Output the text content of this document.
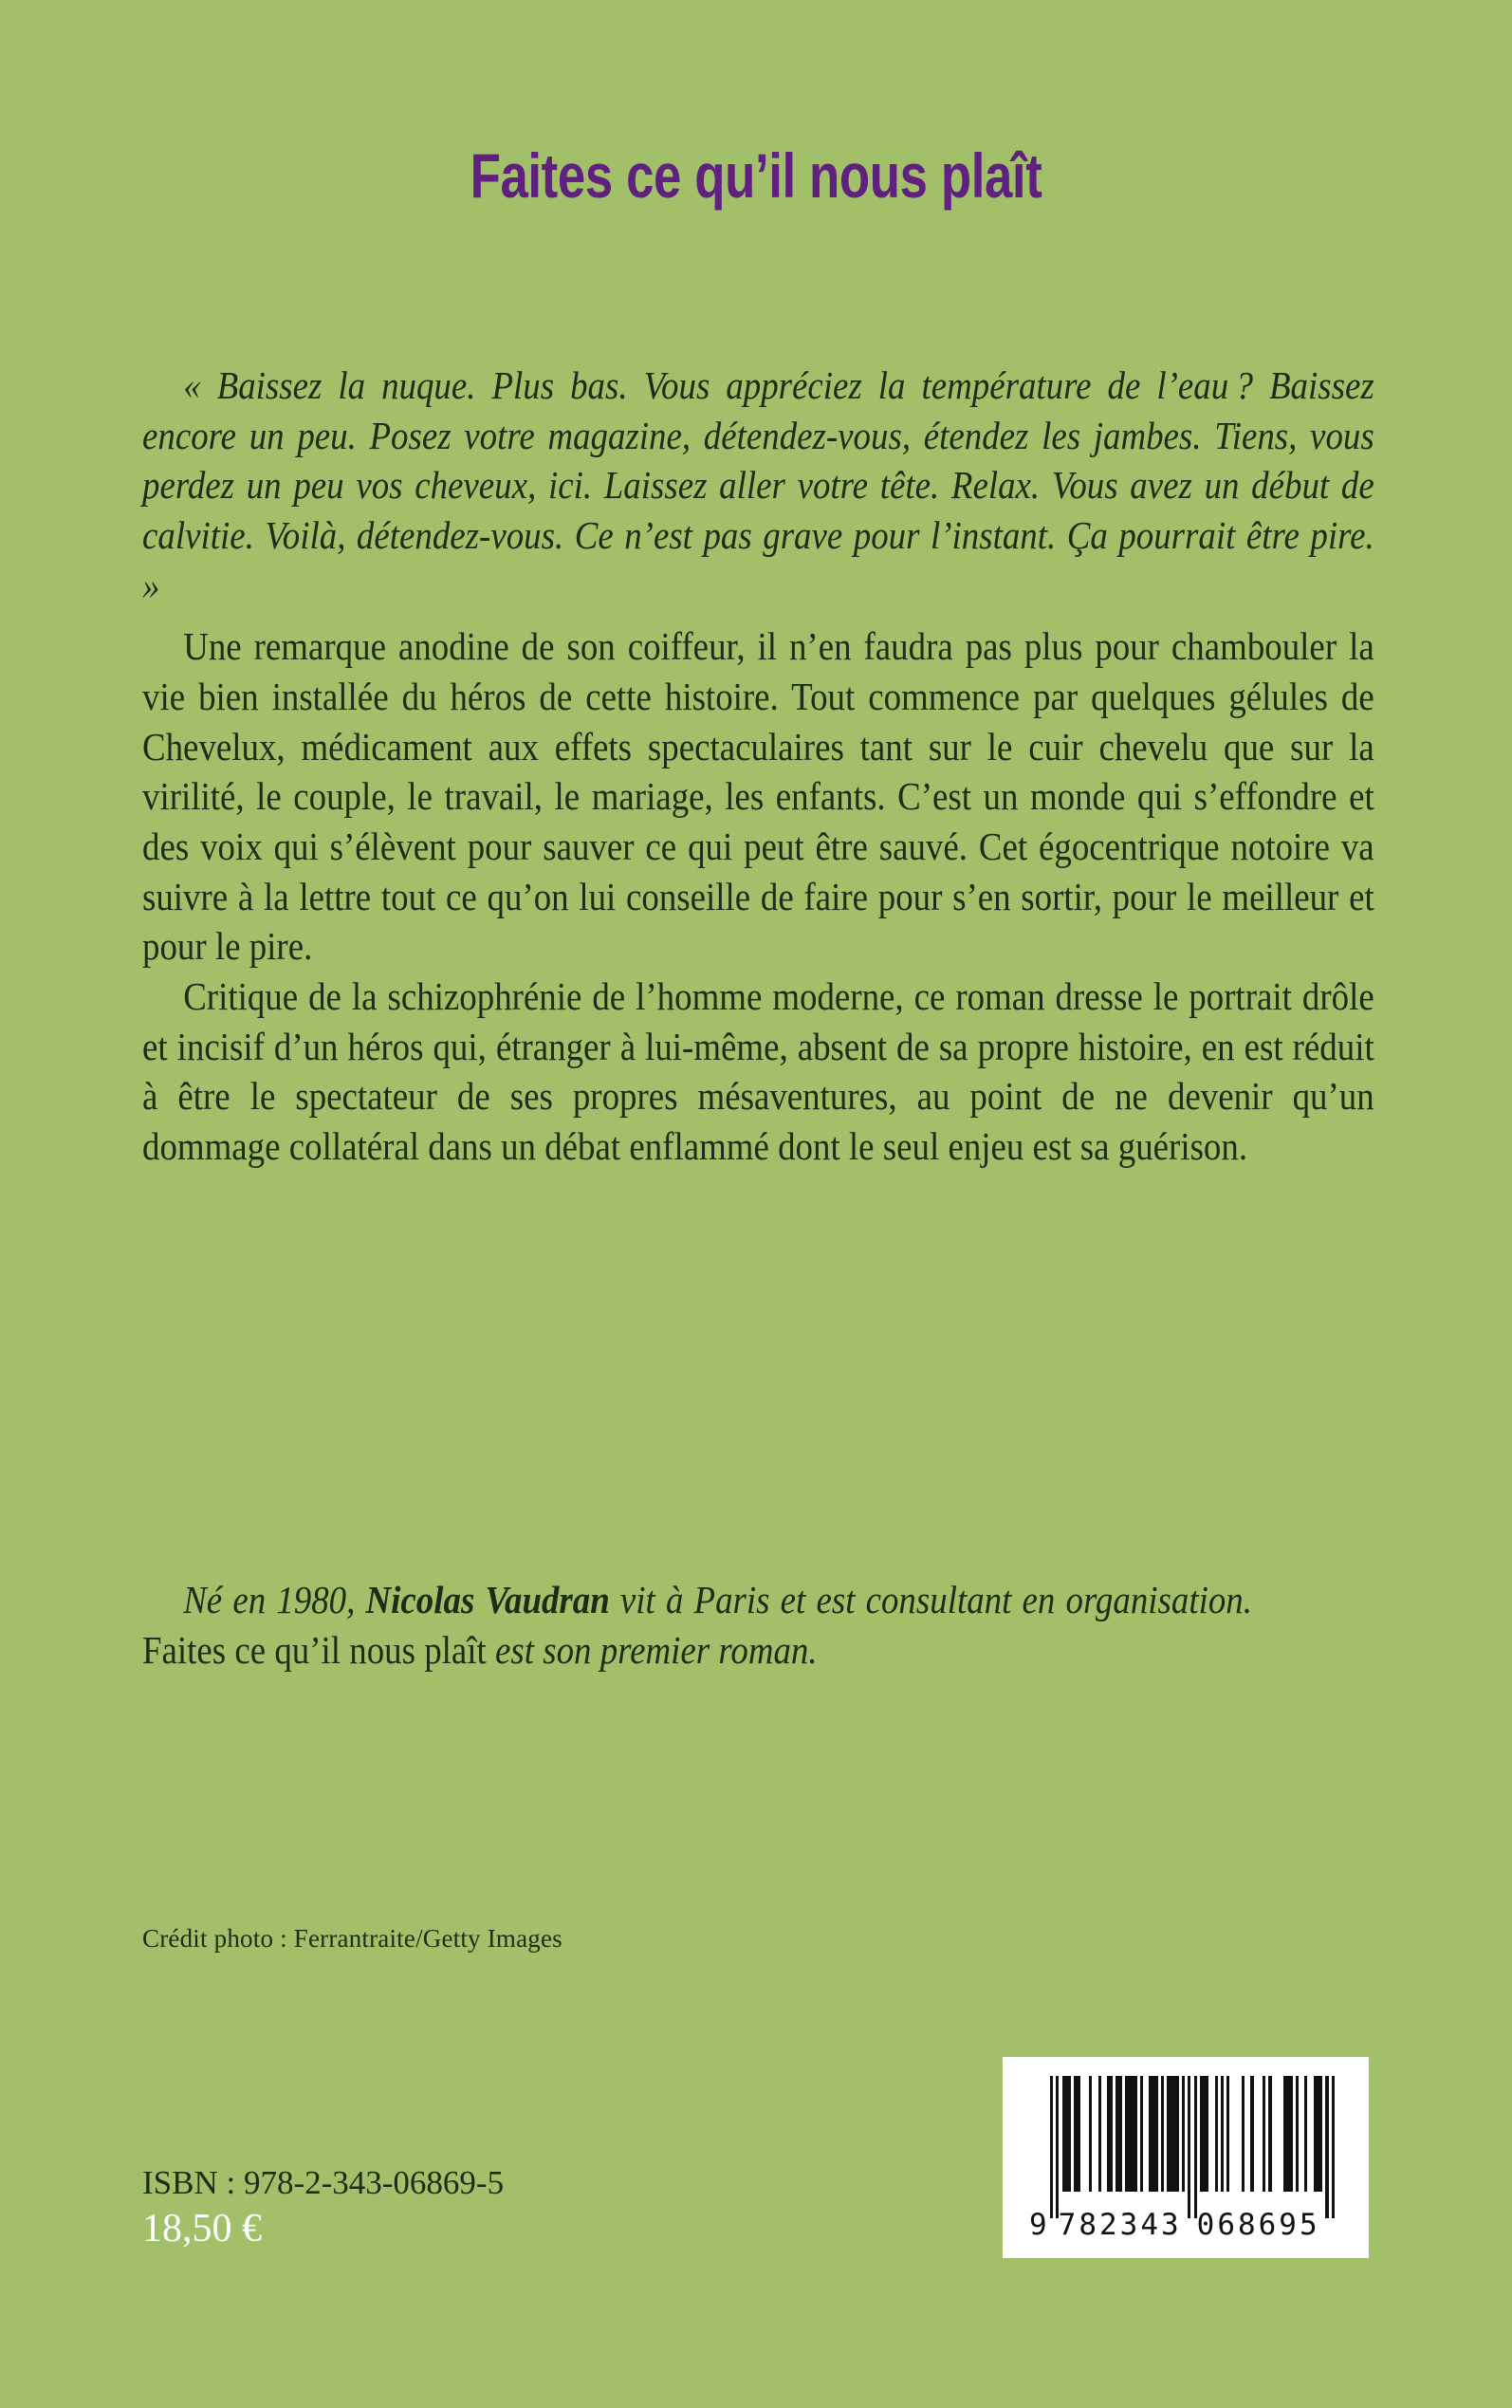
Faites ce qu’il nous plaît

« Baissez la nuque. Plus bas. Vous appréciez la température de l’eau ? Baissez encore un peu. Posez votre magazine, détendez-vous, étendez les jambes. Tiens, vous perdez un peu vos cheveux, ici. Laissez aller votre tête. Relax. Vous avez un début de calvitie. Voilà, détendez-vous. Ce n’est pas grave pour l’instant. Ça pourrait être pire. »

Une remarque anodine de son coiffeur, il n’en faudra pas plus pour chambouler la vie bien installée du héros de cette histoire. Tout commence par quelques gélules de Chevelux, médicament aux effets spectaculaires tant sur le cuir chevelu que sur la virilité, le couple, le travail, le mariage, les enfants. C’est un monde qui s’effondre et des voix qui s’élèvent pour sauver ce qui peut être sauvé. Cet égocentrique notoire va suivre à la lettre tout ce qu’on lui conseille de faire pour s’en sortir, pour le meilleur et pour le pire.

Critique de la schizophrénie de l’homme moderne, ce roman dresse le portrait drôle et incisif d’un héros qui, étranger à lui-même, absent de sa propre histoire, en est réduit à être le spectateur de ses propres mésaventures, au point de ne devenir qu’un dommage collatéral dans un débat enflammé dont le seul enjeu est sa guérison.

Né en 1980, Nicolas Vaudran vit à Paris et est consultant en organisation. Faites ce qu’il nous plaît est son premier roman.

Crédit photo : Ferrantraite/Getty Images
ISBN : 978-2-343-06869-5
18,50 €	9 782343 068695
